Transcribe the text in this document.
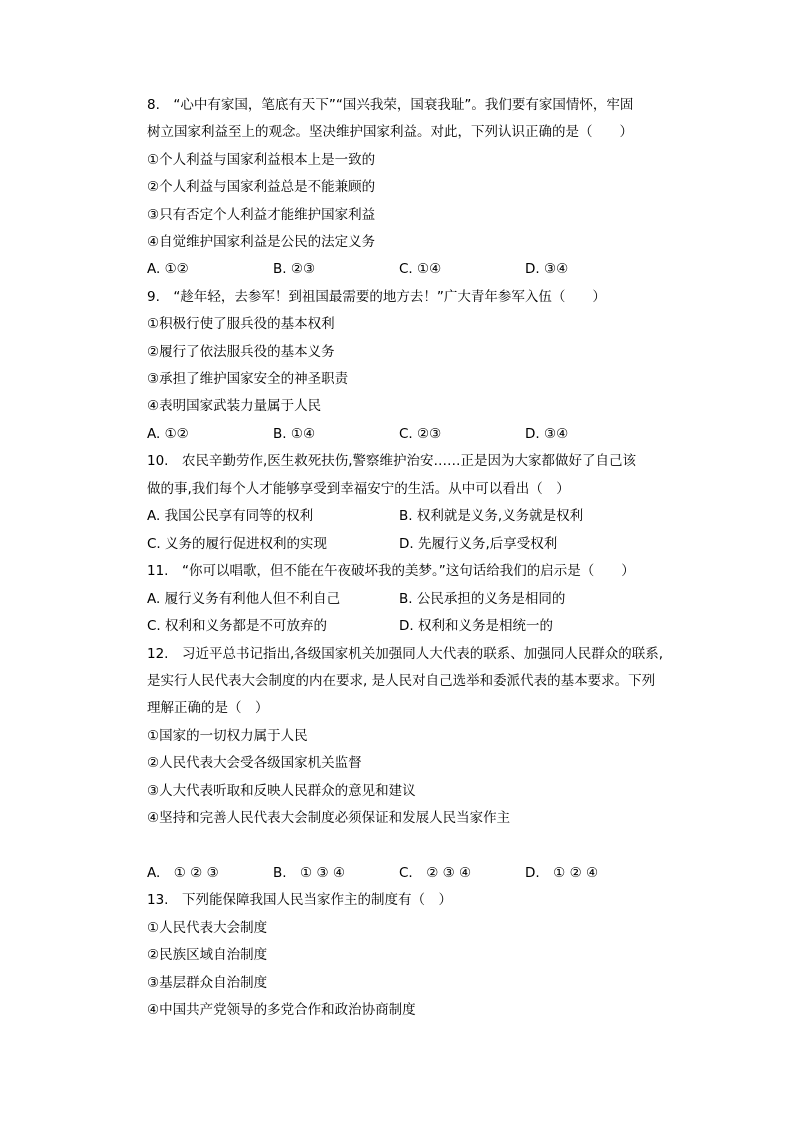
8.　“心中有家国，笔底有天下”“国兴我荣，国衰我耻”。我们要有家国情怀，牢固
树立国家利益至上的观念。坚决维护国家利益。对此，下列认识正确的是（　　）
①个人利益与国家利益根本上是一致的
②个人利益与国家利益总是不能兼顾的
③只有否定个人利益才能维护国家利益
④自觉维护国家利益是公民的法定义务
A. ①②	B. ②③	C. ①④	D. ③④
9.　“趁年轻，去参军！到祖国最需要的地方去！”广大青年参军入伍（　　）
①积极行使了服兵役的基本权利
②履行了依法服兵役的基本义务
③承担了维护国家安全的神圣职责
④表明国家武装力量属于人民
A. ①②	B. ①④	C. ②③	D. ③④
10.　农民辛勤劳作,医生救死扶伤,警察维护治安……正是因为大家都做好了自己该
做的事,我们每个人才能够享受到幸福安宁的生活。从中可以看出（　）
A. 我国公民享有同等的权利	B. 权利就是义务,义务就是权利
C. 义务的履行促进权利的实现	D. 先履行义务,后享受权利
11.　“你可以唱歌，但不能在午夜破坏我的美梦。”这句话给我们的启示是（　　）
A. 履行义务有利他人但不利自己	B. 公民承担的义务是相同的
C. 权利和义务都是不可放弃的	D. 权利和义务是相统一的
12.　习近平总书记指出,各级国家机关加强同人大代表的联系、加强同人民群众的联系,
是实行人民代表大会制度的内在要求, 是人民对自己选举和委派代表的基本要求。下列
理解正确的是（　）
①国家的一切权力属于人民
②人民代表大会受各级国家机关监督
③人大代表听取和反映人民群众的意见和建议
④坚持和完善人民代表大会制度必须保证和发展人民当家作主
A.　① ② ③	B.　① ③ ④	C.　② ③ ④	D.　① ② ④
13.　下列能保障我国人民当家作主的制度有（　）
①人民代表大会制度
②民族区域自治制度
③基层群众自治制度
④中国共产党领导的多党合作和政治协商制度
